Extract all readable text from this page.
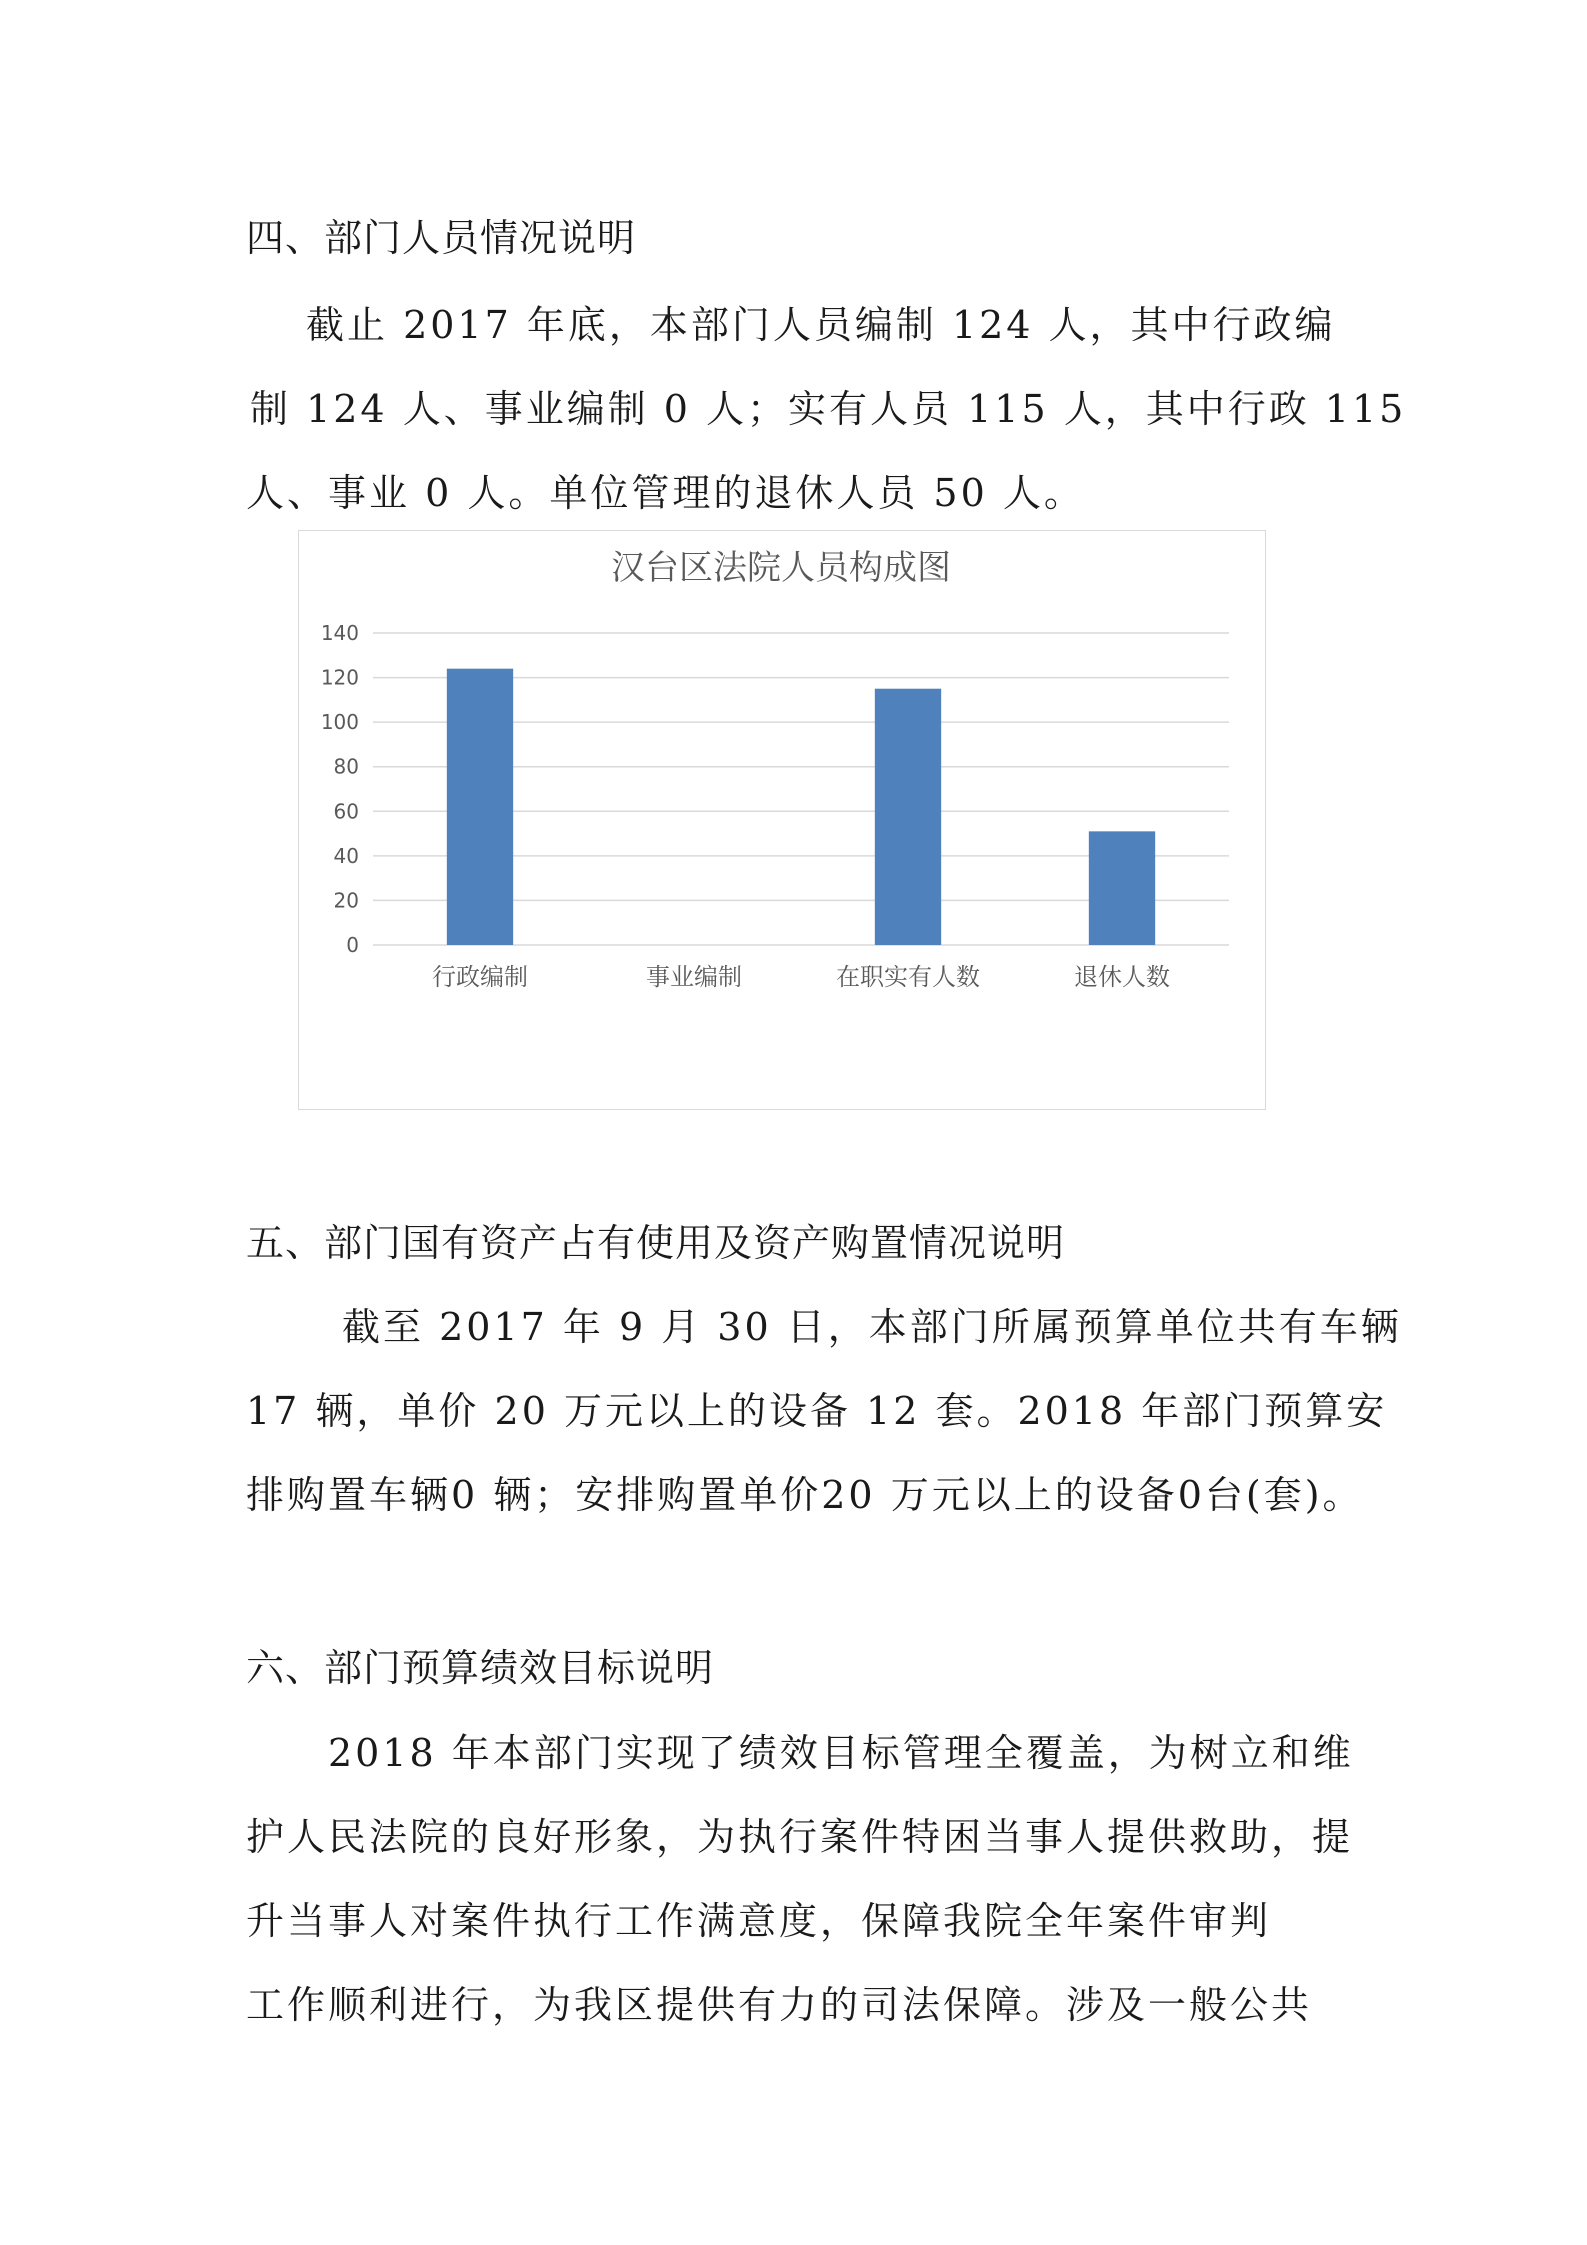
四、部门人员情况说明

截止 2017 年底，本部门人员编制 124 人，其中行政编

制 124 人、事业编制 0 人；实有人员 115 人，其中行政 115

人、事业 0 人。单位管理的退休人员 50 人。

汉台区法院人员构成图
0
20
40
60
80
100
120
140
行政编制	事业编制	在职实有人数	退休人数
五、部门国有资产占有使用及资产购置情况说明

截至 2017 年 9 月 30 日，本部门所属预算单位共有车辆

17 辆，单价 20 万元以上的设备 12 套。2018 年部门预算安

排购置车辆0 辆；安排购置单价20 万元以上的设备0台(套)。

六、部门预算绩效目标说明

2018 年本部门实现了绩效目标管理全覆盖，为树立和维

护人民法院的良好形象，为执行案件特困当事人提供救助，提

升当事人对案件执行工作满意度，保障我院全年案件审判

工作顺利进行，为我区提供有力的司法保障。涉及一般公共
